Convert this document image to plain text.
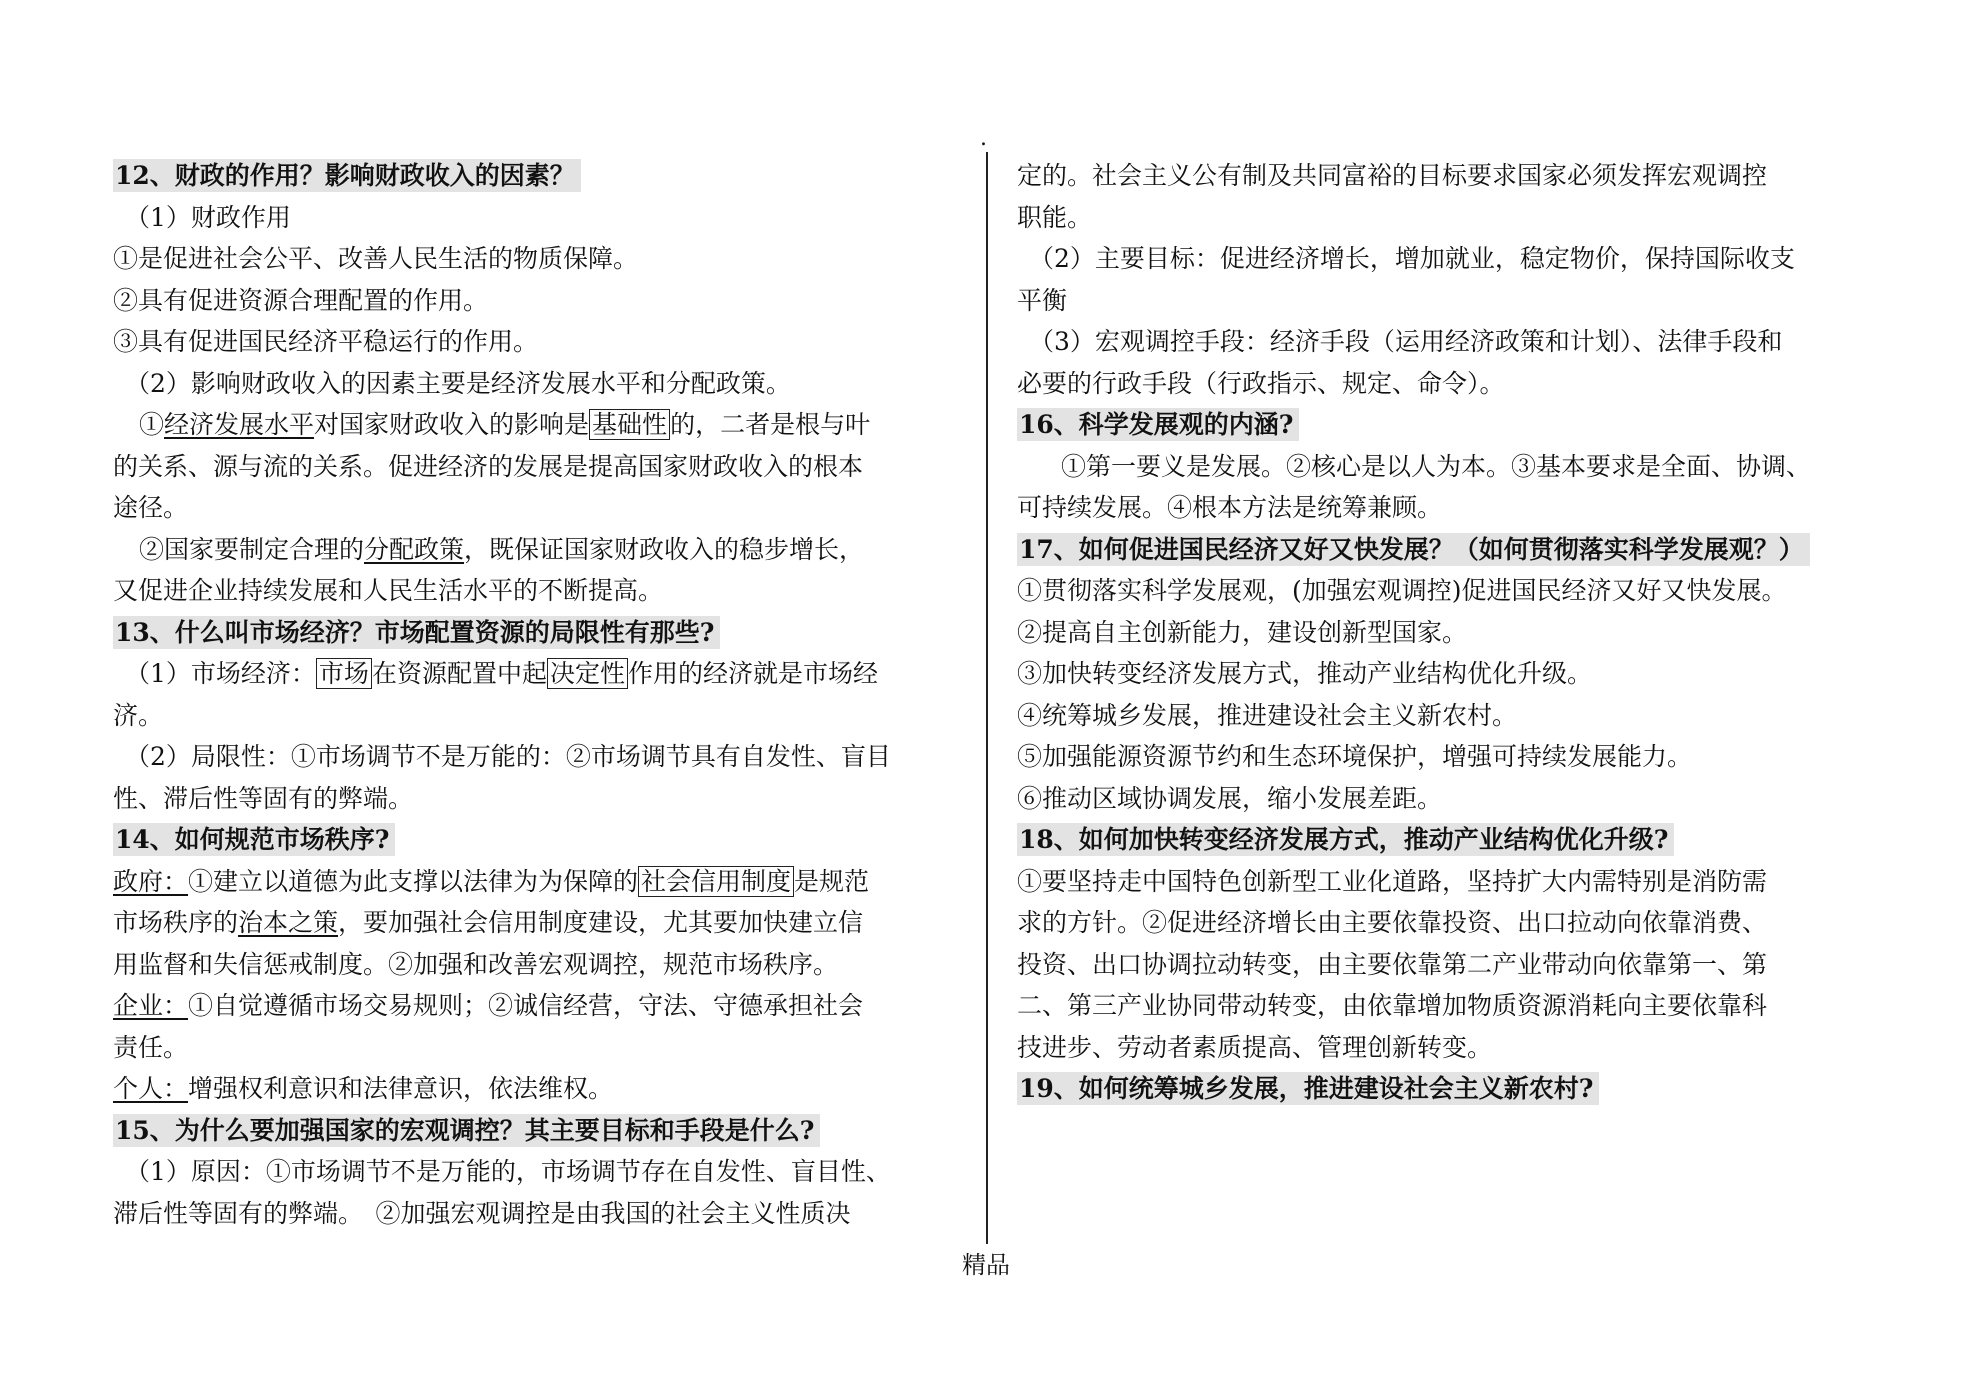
.
12、财政的作用？影响财政收入的因素？
（1）财政作用
①是促进社会公平、改善人民生活的物质保障。
②具有促进资源合理配置的作用。
③具有促进国民经济平稳运行的作用。
（2）影响财政收入的因素主要是经济发展水平和分配政策。
①经济发展水平对国家财政收入的影响是 基础性 的，二者是根与叶
的关系、源与流的关系。促进经济的发展是提高国家财政收入的根本
途径。
②国家要制定合理的分配政策，既保证国家财政收入的稳步增长，
又促进企业持续发展和人民生活水平的不断提高。
13、什么叫市场经济？市场配置资源的局限性有那些?
（1）市场经济： 市场 在资源配置中起 决定性 作用的经济就是市场经
济。
（2）局限性：①市场调节不是万能的：②市场调节具有自发性、盲目
性、滞后性等固有的弊端。
14、如何规范市场秩序?
政府：①建立以道德为此支撑以法律为为保障的 社会信用制度 是规范
市场秩序的治本之策，要加强社会信用制度建设，尤其要加快建立信
用监督和失信惩戒制度。②加强和改善宏观调控，规范市场秩序。
企业：①自觉遵循市场交易规则；②诚信经营，守法、守德承担社会
责任。
个人：增强权利意识和法律意识，依法维权。
15、为什么要加强国家的宏观调控？其主要目标和手段是什么?
（1）原因：①市场调节不是万能的，市场调节存在自发性、盲目性、
滞后性等固有的弊端。　②加强宏观调控是由我国的社会主义性质决
定的。社会主义公有制及共同富裕的目标要求国家必须发挥宏观调控
职能。
（2）主要目标：促进经济增长，增加就业，稳定物价，保持国际收支
平衡
（3）宏观调控手段：经济手段（运用经济政策和计划）、法律手段和
必要的行政手段（行政指示、规定、命令）。
16、科学发展观的内涵?
①第一要义是发展。②核心是以人为本。③基本要求是全面、协调、
可持续发展。④根本方法是统筹兼顾。
17、如何促进国民经济又好又快发展？（如何贯彻落实科学发展观？）
①贯彻落实科学发展观，(加强宏观调控)促进国民经济又好又快发展。
②提高自主创新能力，建设创新型国家。
③加快转变经济发展方式，推动产业结构优化升级。
④统筹城乡发展，推进建设社会主义新农村。
⑤加强能源资源节约和生态环境保护，增强可持续发展能力。
⑥推动区域协调发展，缩小发展差距。
18、如何加快转变经济发展方式，推动产业结构优化升级?
①要坚持走中国特色创新型工业化道路，坚持扩大内需特别是消防需
求的方针。②促进经济增长由主要依靠投资、出口拉动向依靠消费、
投资、出口协调拉动转变，由主要依靠第二产业带动向依靠第一、第
二、第三产业协同带动转变，由依靠增加物质资源消耗向主要依靠科
技进步、劳动者素质提高、管理创新转变。
19、如何统筹城乡发展，推进建设社会主义新农村?
精品
